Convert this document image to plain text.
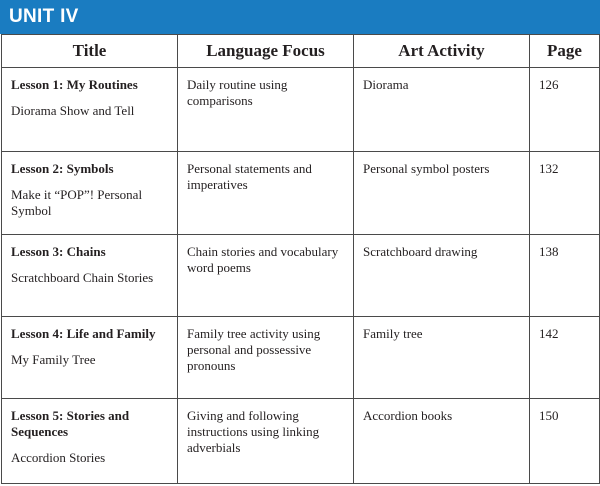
UNIT IV
Title	Language Focus	Art Activity	Page

Lesson 1: My Routines
Diorama Show and Tell	Daily routine using comparisons	Diorama	126

Lesson 2: Symbols
Make it “POP”! Personal Symbol	Personal statements and imperatives	Personal symbol posters	132

Lesson 3: Chains
Scratchboard Chain Stories	Chain stories and vocabulary word poems	Scratchboard drawing	138

Lesson 4: Life and Family
My Family Tree	Family tree activity using personal and possessive pronouns	Family tree	142

Lesson 5: Stories and Sequences
Accordion Stories	Giving and following instructions using linking adverbials	Accordion books	150
